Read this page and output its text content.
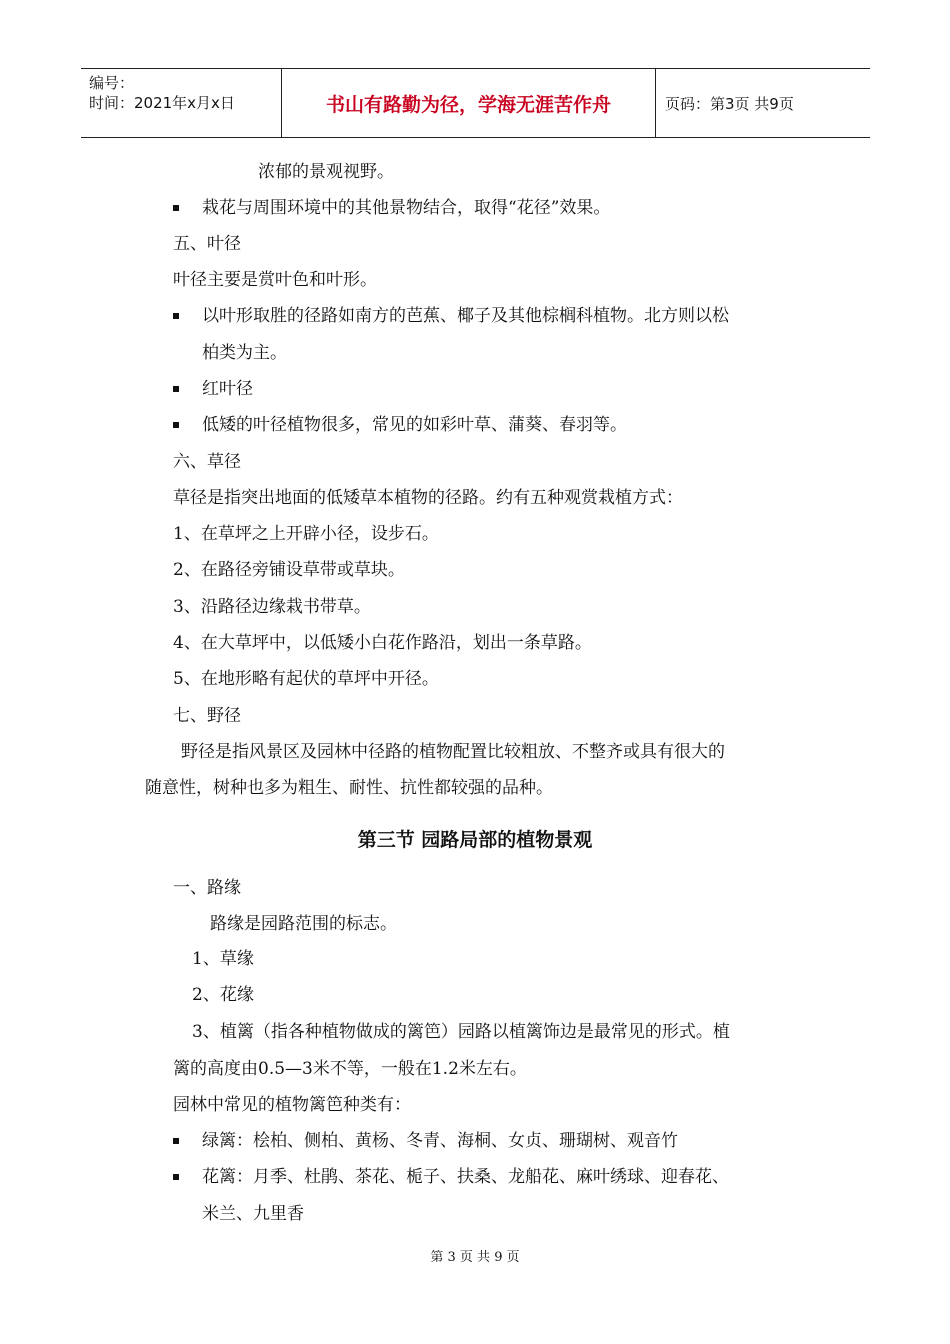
编号：
时间：2021年x月x日	书山有路勤为径，学海无涯苦作舟	页码：第3页 共9页
浓郁的景观视野。
栽花与周围环境中的其他景物结合，取得“花径”效果。
五、叶径
叶径主要是赏叶色和叶形。
以叶形取胜的径路如南方的芭蕉、椰子及其他棕榈科植物。北方则以松
柏类为主。
红叶径
低矮的叶径植物很多，常见的如彩叶草、蒲葵、春羽等。
六、草径
草径是指突出地面的低矮草本植物的径路。约有五种观赏栽植方式：
1、在草坪之上开辟小径，设步石。
2、在路径旁铺设草带或草块。
3、沿路径边缘栽书带草。
4、在大草坪中，以低矮小白花作路沿，划出一条草路。
5、在地形略有起伏的草坪中开径。
七、野径
野径是指风景区及园林中径路的植物配置比较粗放、不整齐或具有很大的
随意性，树种也多为粗生、耐性、抗性都较强的品种。
第三节 园路局部的植物景观
一、路缘
路缘是园路范围的标志。
1、草缘
2、花缘
3、植篱（指各种植物做成的篱笆）园路以植篱饰边是最常见的形式。植
篱的高度由0.5—3米不等，一般在1.2米左右。
园林中常见的植物篱笆种类有：
绿篱：桧柏、侧柏、黄杨、冬青、海桐、女贞、珊瑚树、观音竹
花篱：月季、杜鹃、茶花、栀子、扶桑、龙船花、麻叶绣球、迎春花、
米兰、九里香
第 3 页 共 9 页
